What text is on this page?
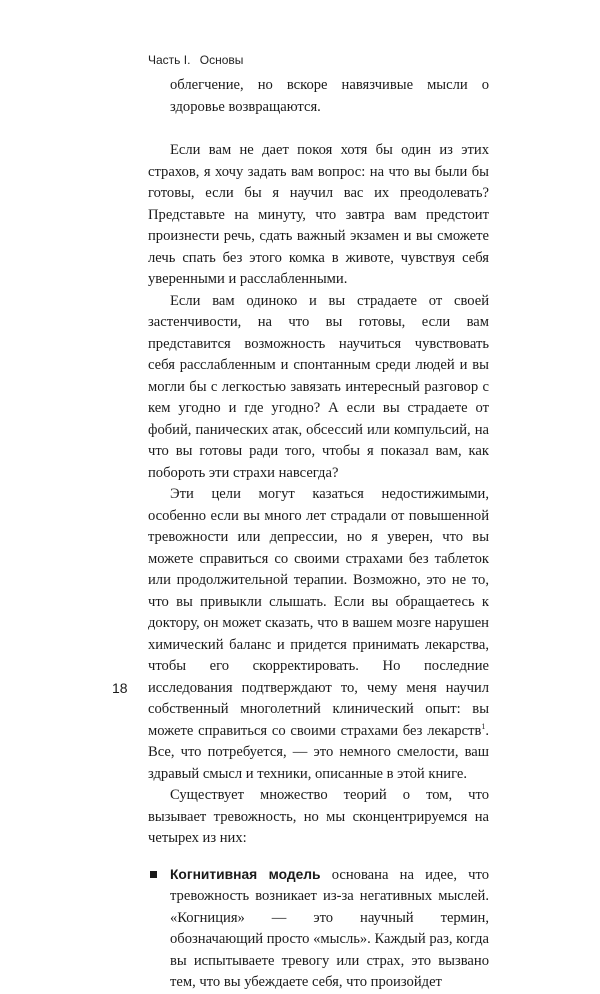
Часть I. Основы

облегчение, но вскоре навязчивые мысли о здоровье возвращаются.

Если вам не дает покоя хотя бы один из этих страхов, я хочу задать вам вопрос: на что вы были бы готовы, если бы я научил вас их преодолевать? Представьте на минуту, что завтра вам предстоит произнести речь, сдать важный экзамен и вы сможете лечь спать без этого комка в животе, чувствуя себя уверенными и расслабленными.

Если вам одиноко и вы страдаете от своей застенчивости, на что вы готовы, если вам представится возможность научиться чувствовать себя расслабленным и спонтанным среди людей и вы могли бы с легкостью завязать интересный разговор с кем угодно и где угодно? А если вы страдаете от фобий, панических атак, обсессий или компульсий, на что вы готовы ради того, чтобы я показал вам, как побороть эти страхи навсегда?

Эти цели могут казаться недостижимыми, особенно если вы много лет страдали от повышенной тревожности или депрессии, но я уверен, что вы можете справиться со своими страхами без таблеток или продолжительной терапии. Возможно, это не то, что вы привыкли слышать. Если вы обращаетесь к доктору, он может сказать, что в вашем мозге нарушен химический баланс и придется принимать лекарства, чтобы его скорректировать. Но последние исследования подтверждают то, чему меня научил собственный многолетний клинический опыт: вы можете справиться со своими страхами без лекарств$^1$. Все, что потребуется, — это немного смелости, ваш здравый смысл и техники, описанные в этой книге.

Существует множество теорий о том, что вызывает тревожность, но мы сконцентрируемся на четырех из них:

Когнитивная модель основана на идее, что тревожность возникает из-за негативных мыслей. «Когниция» — это научный термин, обозначающий просто «мысль». Каждый раз, когда вы испытываете тревогу или страх, это вызвано тем, что вы убеждаете себя, что произойдет
18
